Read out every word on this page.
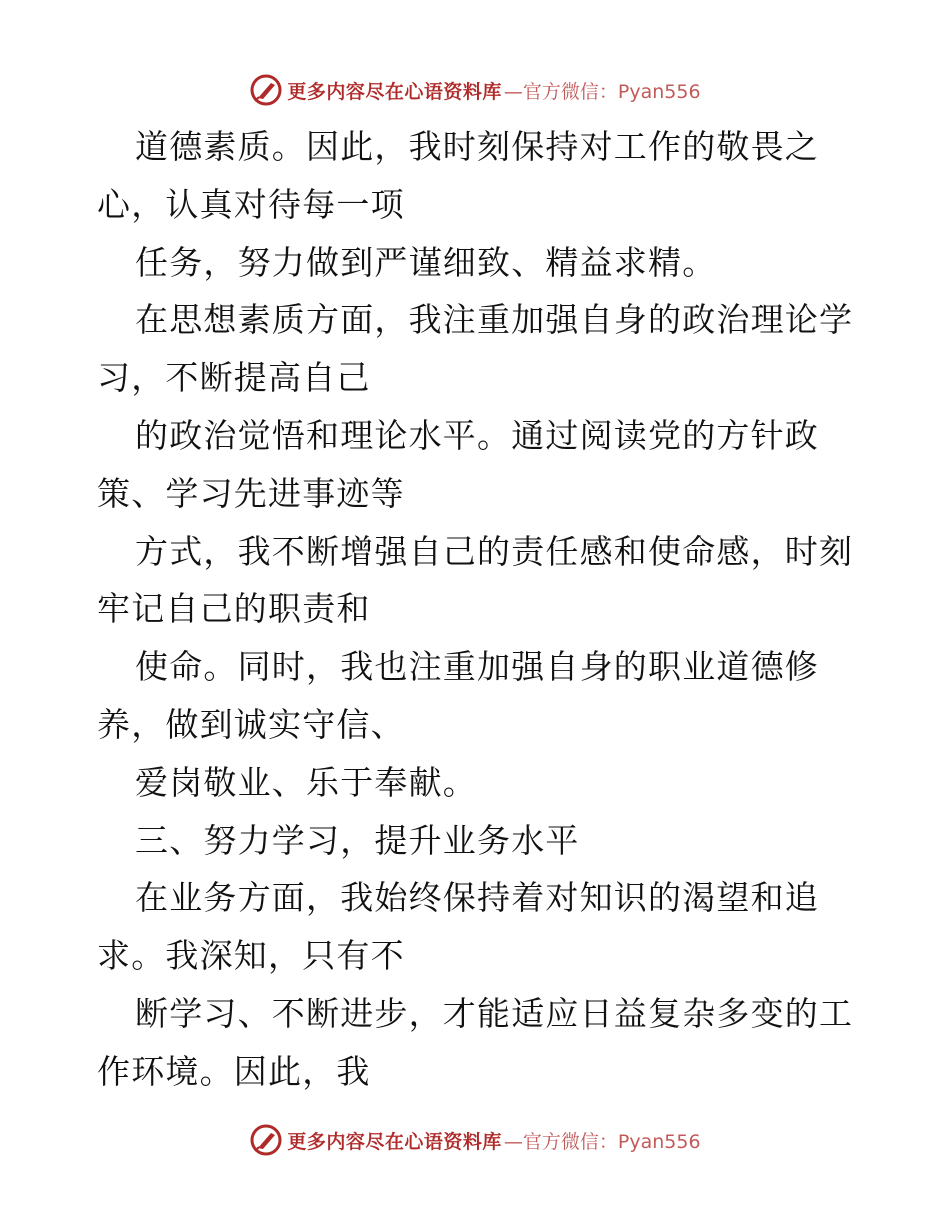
更多内容尽在心语资料库 —官方微信：Pyan556
道德素质。因此，我时刻保持对工作的敬畏之
心，认真对待每一项
任务，努力做到严谨细致、精益求精。
在思想素质方面，我注重加强自身的政治理论学
习，不断提高自己
的政治觉悟和理论水平。通过阅读党的方针政
策、学习先进事迹等
方式，我不断增强自己的责任感和使命感，时刻
牢记自己的职责和
使命。同时，我也注重加强自身的职业道德修
养，做到诚实守信、
爱岗敬业、乐于奉献。
三、努力学习，提升业务水平
在业务方面，我始终保持着对知识的渴望和追
求。我深知，只有不
断学习、不断进步，才能适应日益复杂多变的工
作环境。因此，我
更多内容尽在心语资料库 —官方微信：Pyan556
